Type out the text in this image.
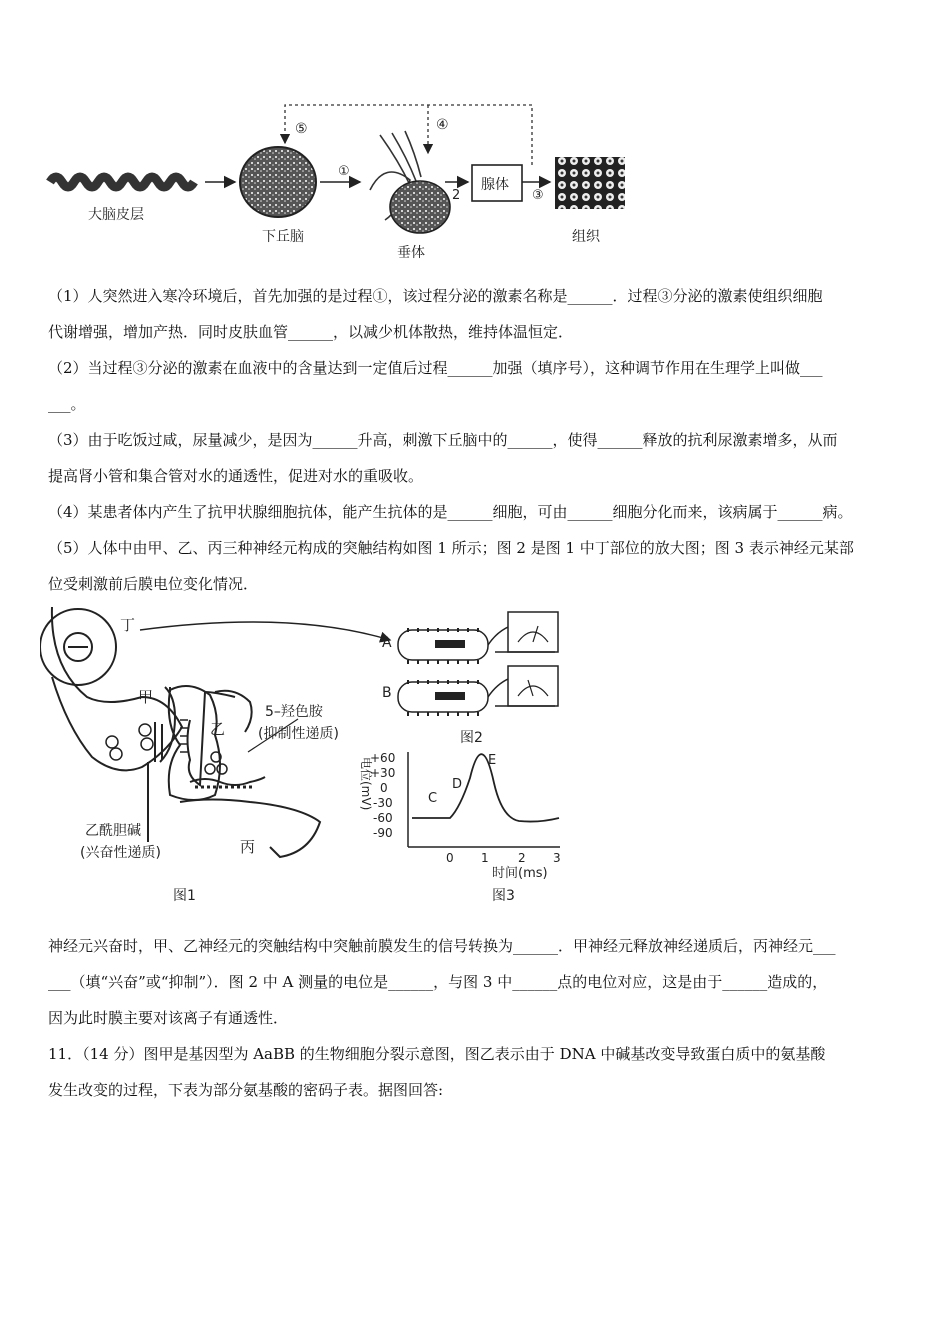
大脑皮层
下丘脑
①
垂体
2
腺体
③
组织
⑤	④
（1）人突然进入寒冷环境后，首先加强的是过程①，该过程分泌的激素名称是______．过程③分泌的激素使组织细胞
代谢增强，增加产热．同时皮肤血管______，以减少机体散热，维持体温恒定．
（2）当过程③分泌的激素在血液中的含量达到一定值后过程______加强（填序号），这种调节作用在生理学上叫做___
___。
（3）由于吃饭过咸，尿量减少，是因为______升高，刺激下丘脑中的______，使得______释放的抗利尿激素增多，从而
提高肾小管和集合管对水的通透性，促进对水的重吸收。
（4）某患者体内产生了抗甲状腺细胞抗体，能产生抗体的是______细胞，可由______细胞分化而来，该病属于______病。
（5）人体中由甲、乙、丙三种神经元构成的突触结构如图 1 所示；图 2 是图 1 中丁部位的放大图；图 3 表示神经元某部
位受刺激前后膜电位变化情况．
甲
乙
丙
5–羟色胺
(抑制性递质)
乙酰胆碱
(兴奋性递质)
图1
丁
A
B
图2
+60
+30
0
-30
-60
-90
电位(mV)	C
D
E
0 1 2 3
时间(ms)
图3
神经元兴奋时，甲、乙神经元的突触结构中突触前膜发生的信号转换为______．甲神经元释放神经递质后，丙神经元___
___（填“兴奋”或“抑制”）．图 2 中 A 测量的电位是______，与图 3 中______点的电位对应，这是由于______造成的，
因为此时膜主要对该离子有通透性．
11．（14 分）图甲是基因型为 AaBB 的生物细胞分裂示意图，图乙表示由于 DNA 中碱基改变导致蛋白质中的氨基酸
发生改变的过程，下表为部分氨基酸的密码子表。据图回答:
